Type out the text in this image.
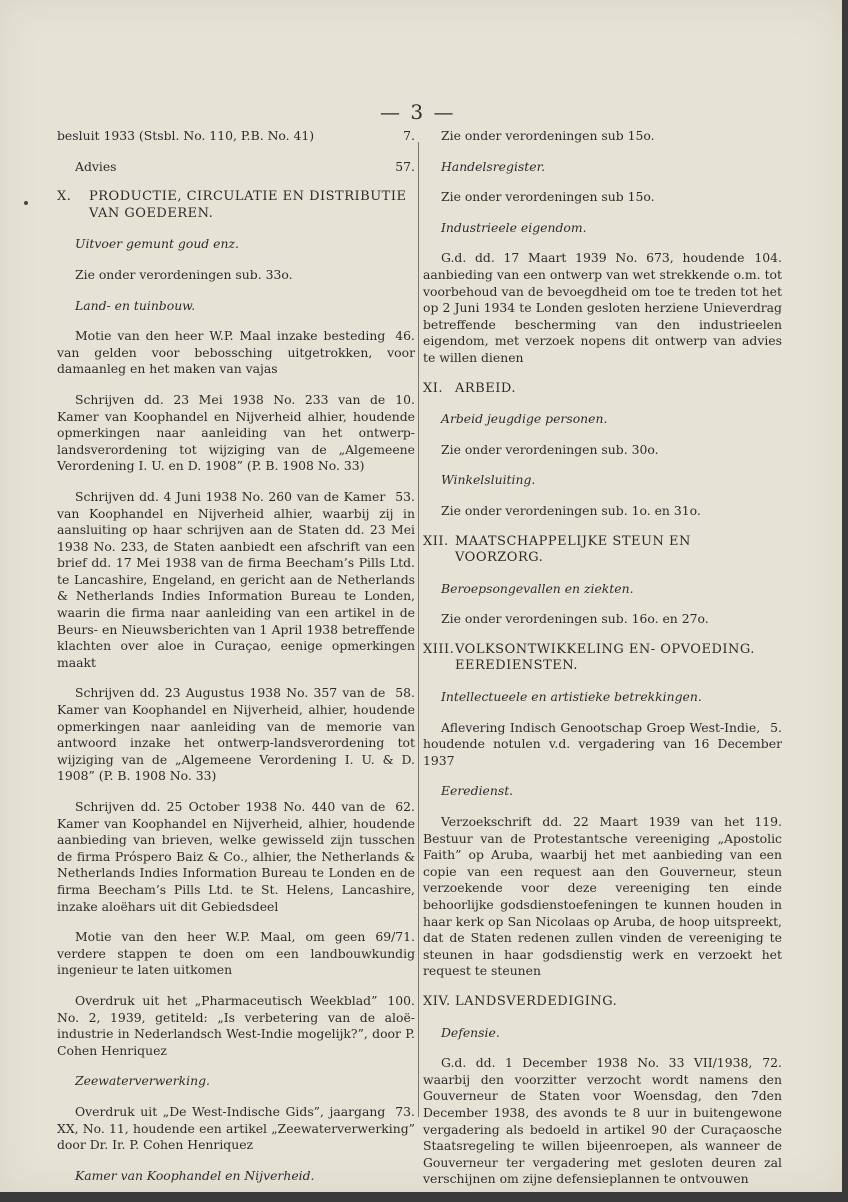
— 3 —
7.
besluit 1933 (Stsbl. No. 110, P.B. No. 41)
57.
Advies
X. PRODUCTIE, CIRCULATIE EN DISTRIBUTIE VAN GOEDEREN.
Uitvoer gemunt goud enz.
Zie onder verordeningen sub. 33o.
Land- en tuinbouw.
46.
Motie van den heer W.P. Maal inzake besteding van gelden voor bebossching uitgetrokken, voor damaanleg en het maken van vajas
10.
Schrijven dd. 23 Mei 1938 No. 233 van de Kamer van Koophandel en Nijverheid alhier, houdende opmerkingen naar aanleiding van het ontwerp-landsverordening tot wijziging van de „Algemeene Verordening I. U. en D. 1908” (P. B. 1908 No. 33)
53.
Schrijven dd. 4 Juni 1938 No. 260 van de Kamer van Koophandel en Nijverheid alhier, waarbij zij in aansluiting op haar schrijven aan de Staten dd. 23 Mei 1938 No. 233, de Staten aanbiedt een afschrift van een brief dd. 17 Mei 1938 van de firma Beecham’s Pills Ltd. te Lancashire, Engeland, en gericht aan de Netherlands & Netherlands Indies Information Bureau te Londen, waarin die firma naar aanleiding van een artikel in de Beurs- en Nieuwsberichten van 1 April 1938 betreffende klachten over aloe in Curaçao, eenige opmerkingen maakt
58.
Schrijven dd. 23 Augustus 1938 No. 357 van de Kamer van Koophandel en Nijverheid, alhier, houdende opmerkingen naar aanleiding van de memorie van antwoord inzake het ontwerp-landsverordening tot wijziging van de „Algemeene Verordening I. U. & D. 1908” (P. B. 1908 No. 33)
62.
Schrijven dd. 25 October 1938 No. 440 van de Kamer van Koophandel en Nijverheid, alhier, houdende aanbieding van brieven, welke gewisseld zijn tusschen de firma Próspero Baiz & Co., alhier, the Netherlands & Netherlands Indies Information Bureau te Londen en de firma Beecham’s Pills Ltd. te St. Helens, Lancashire, inzake aloëhars uit dit Gebiedsdeel
69/71.
Motie van den heer W.P. Maal, om geen verdere stappen te doen om een landbouwkundig ingenieur te laten uitkomen
100.
Overdruk uit het „Pharmaceutisch Weekblad” No. 2, 1939, getiteld: „Is verbetering van de aloë-industrie in Nederlandsch West-Indie mogelijk?”, door P. Cohen Henriquez
Zeewaterverwerking.
73.
Overdruk uit „De West-Indische Gids”, jaargang XX, No. 11, houdende een artikel „Zeewaterverwerking” door Dr. Ir. P. Cohen Henriquez
Kamer van Koophandel en Nijverheid.
Zie onder verordeningen sub 15o.
Handelsregister.
Zie onder verordeningen sub 15o.
Industrieele eigendom.
104.
G.d. dd. 17 Maart 1939 No. 673, houdende aanbieding van een ontwerp van wet strekkende o.m. tot voorbehoud van de bevoegdheid om toe te treden tot het op 2 Juni 1934 te Londen gesloten herziene Unieverdrag betreffende bescherming van den industrieelen eigendom, met verzoek nopens dit ontwerp van advies te willen dienen
XI. ARBEID.
Arbeid jeugdige personen.
Zie onder verordeningen sub. 30o.
Winkelsluiting.
Zie onder verordeningen sub. 1o. en 31o.
XII. MAATSCHAPPELIJKE STEUN EN VOORZORG.
Beroepsongevallen en ziekten.
Zie onder verordeningen sub. 16o. en 27o.
XIII.VOLKSONTWIKKELING EN- OPVOEDING. EEREDIENSTEN.
Intellectueele en artistieke betrekkingen.
5.
Aflevering Indisch Genootschap Groep West-Indie, houdende notulen v.d. vergadering van 16 December 1937
Eeredienst.
119.
Verzoekschrift dd. 22 Maart 1939 van het Bestuur van de Protestantsche vereeniging „Apostolic Faith” op Aruba, waarbij het met aanbieding van een copie van een request aan den Gouverneur, steun verzoekende voor deze vereeniging ten einde behoorlijke godsdienstoefeningen te kunnen houden in haar kerk op San Nicolaas op Aruba, de hoop uitspreekt, dat de Staten redenen zullen vinden de vereeniging te steunen in haar godsdienstig werk en verzoekt het request te steunen
XIV. LANDSVERDEDIGING.
Defensie.
72.
G.d. dd. 1 December 1938 No. 33 VII/1938, waarbij den voorzitter verzocht wordt namens den Gouverneur de Staten voor Woensdag, den 7den December 1938, des avonds te 8 uur in buitengewone vergadering als bedoeld in artikel 90 der Curaçaosche Staatsregeling te willen bijeenroepen, als wanneer de Gouverneur ter vergadering met gesloten deuren zal verschijnen om zijne defensieplannen te ontvouwen
